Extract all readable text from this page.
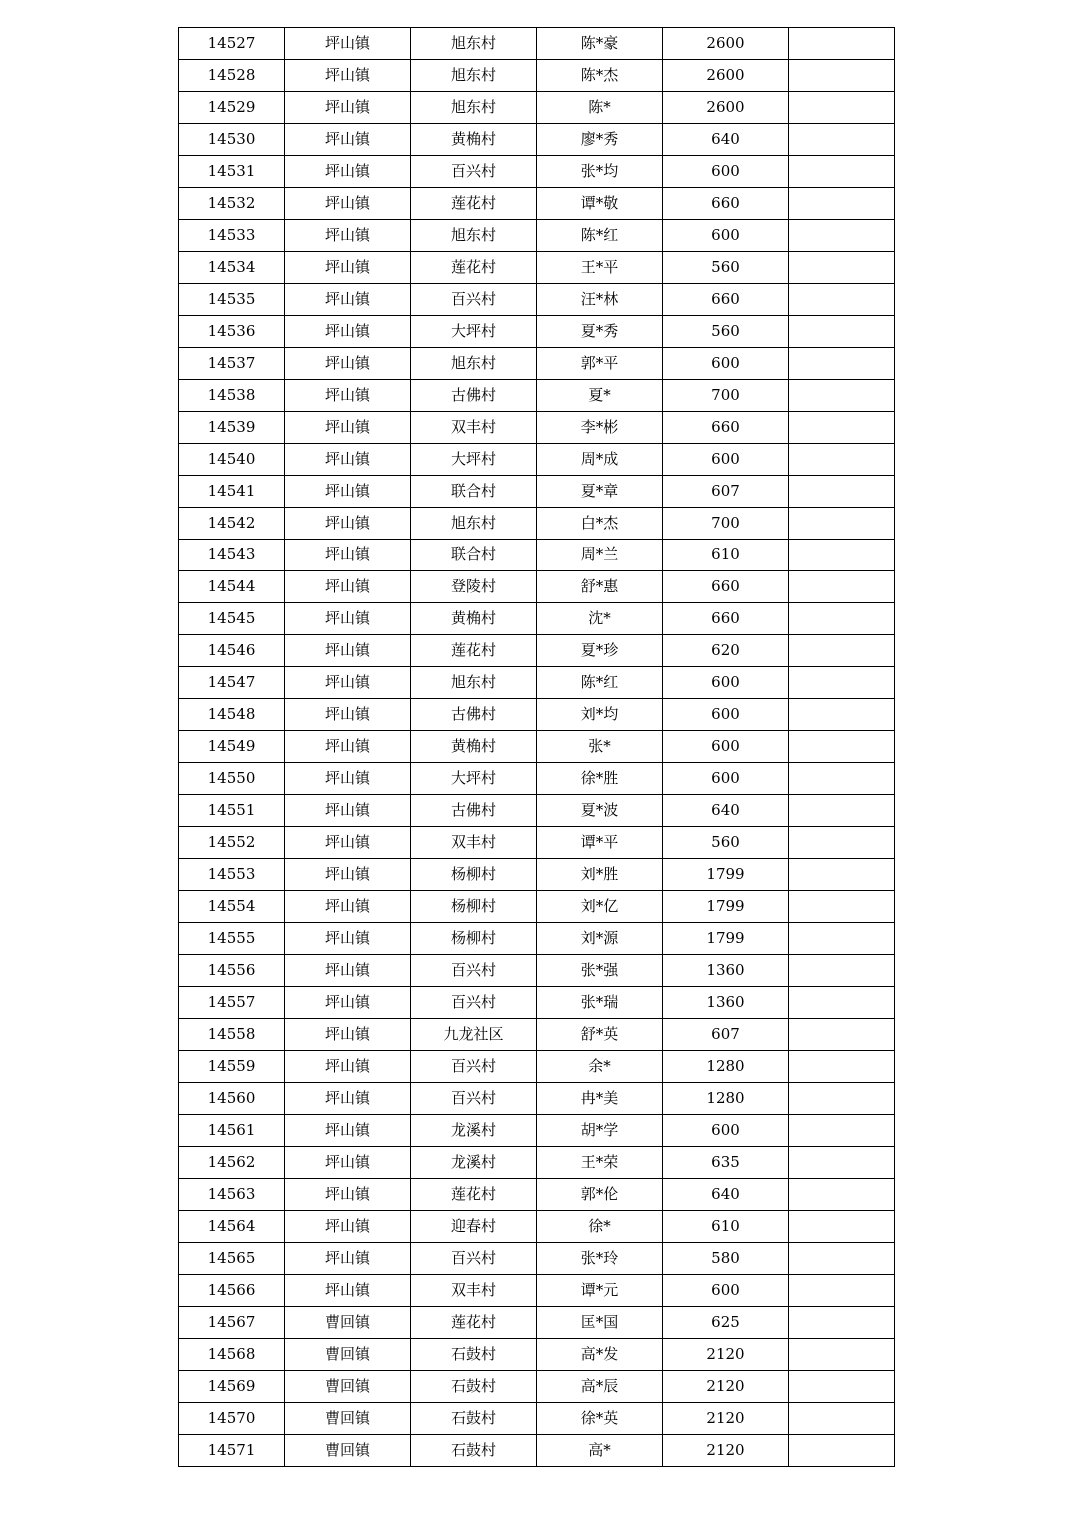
14527	坪山镇	旭东村	陈*豪	2600	
14528	坪山镇	旭东村	陈*杰	2600	
14529	坪山镇	旭东村	陈*	2600	
14530	坪山镇	黄桷村	廖*秀	640	
14531	坪山镇	百兴村	张*均	600	
14532	坪山镇	莲花村	谭*敬	660	
14533	坪山镇	旭东村	陈*红	600	
14534	坪山镇	莲花村	王*平	560	
14535	坪山镇	百兴村	汪*林	660	
14536	坪山镇	大坪村	夏*秀	560	
14537	坪山镇	旭东村	郭*平	600	
14538	坪山镇	古佛村	夏*	700	
14539	坪山镇	双丰村	李*彬	660	
14540	坪山镇	大坪村	周*成	600	
14541	坪山镇	联合村	夏*章	607	
14542	坪山镇	旭东村	白*杰	700	
14543	坪山镇	联合村	周*兰	610	
14544	坪山镇	登陵村	舒*惠	660	
14545	坪山镇	黄桷村	沈*	660	
14546	坪山镇	莲花村	夏*珍	620	
14547	坪山镇	旭东村	陈*红	600	
14548	坪山镇	古佛村	刘*均	600	
14549	坪山镇	黄桷村	张*	600	
14550	坪山镇	大坪村	徐*胜	600	
14551	坪山镇	古佛村	夏*波	640	
14552	坪山镇	双丰村	谭*平	560	
14553	坪山镇	杨柳村	刘*胜	1799	
14554	坪山镇	杨柳村	刘*亿	1799	
14555	坪山镇	杨柳村	刘*源	1799	
14556	坪山镇	百兴村	张*强	1360	
14557	坪山镇	百兴村	张*瑞	1360	
14558	坪山镇	九龙社区	舒*英	607	
14559	坪山镇	百兴村	余*	1280	
14560	坪山镇	百兴村	冉*美	1280	
14561	坪山镇	龙溪村	胡*学	600	
14562	坪山镇	龙溪村	王*荣	635	
14563	坪山镇	莲花村	郭*伦	640	
14564	坪山镇	迎春村	徐*	610	
14565	坪山镇	百兴村	张*玲	580	
14566	坪山镇	双丰村	谭*元	600	
14567	曹回镇	莲花村	匡*国	625	
14568	曹回镇	石鼓村	高*发	2120	
14569	曹回镇	石鼓村	高*辰	2120	
14570	曹回镇	石鼓村	徐*英	2120	
14571	曹回镇	石鼓村	高*	2120	
